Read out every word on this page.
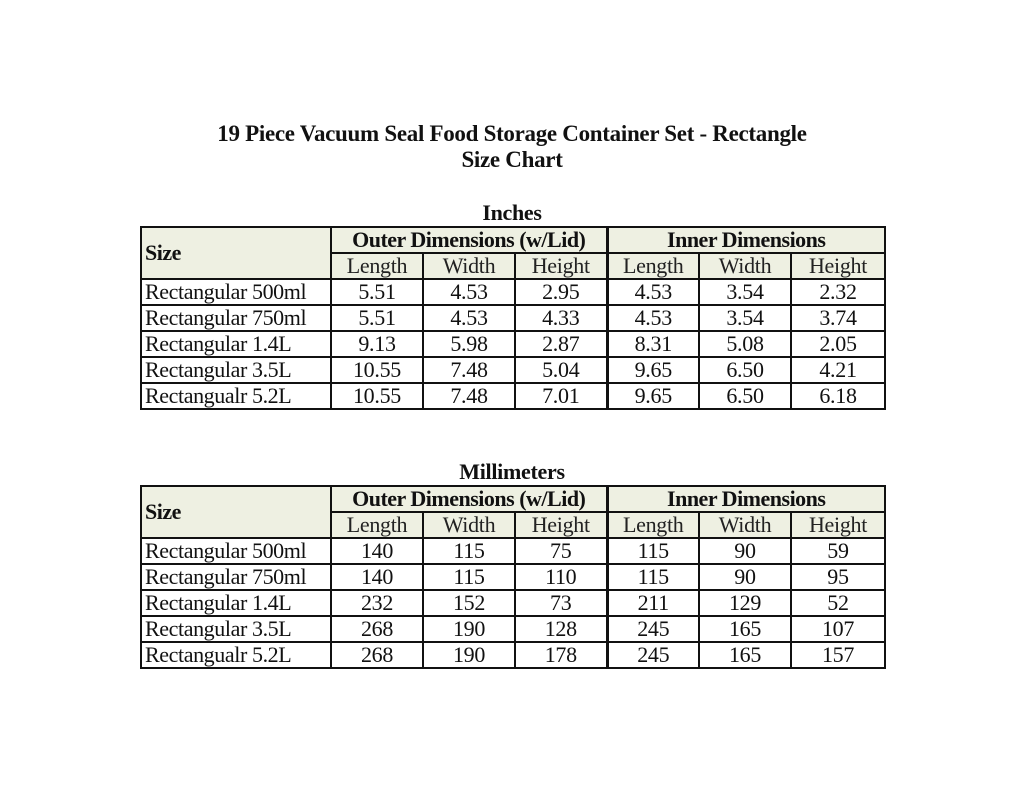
19 Piece Vacuum Seal Food Storage Container Set - Rectangle
Size Chart
Inches
Size	Outer Dimensions (w/Lid)			Inner Dimensions		
	Length	Width	Height	Length	Width	Height
Rectangular 500ml	5.51	4.53	2.95	4.53	3.54	2.32
Rectangular 750ml	5.51	4.53	4.33	4.53	3.54	3.74
Rectangular 1.4L	9.13	5.98	2.87	8.31	5.08	2.05
Rectangular 3.5L	10.55	7.48	5.04	9.65	6.50	4.21
Rectangualr 5.2L	10.55	7.48	7.01	9.65	6.50	6.18
Millimeters
Size	Outer Dimensions (w/Lid)			Inner Dimensions		
	Length	Width	Height	Length	Width	Height
Rectangular 500ml	140	115	75	115	90	59
Rectangular 750ml	140	115	110	115	90	95
Rectangular 1.4L	232	152	73	211	129	52
Rectangular 3.5L	268	190	128	245	165	107
Rectangualr 5.2L	268	190	178	245	165	157
